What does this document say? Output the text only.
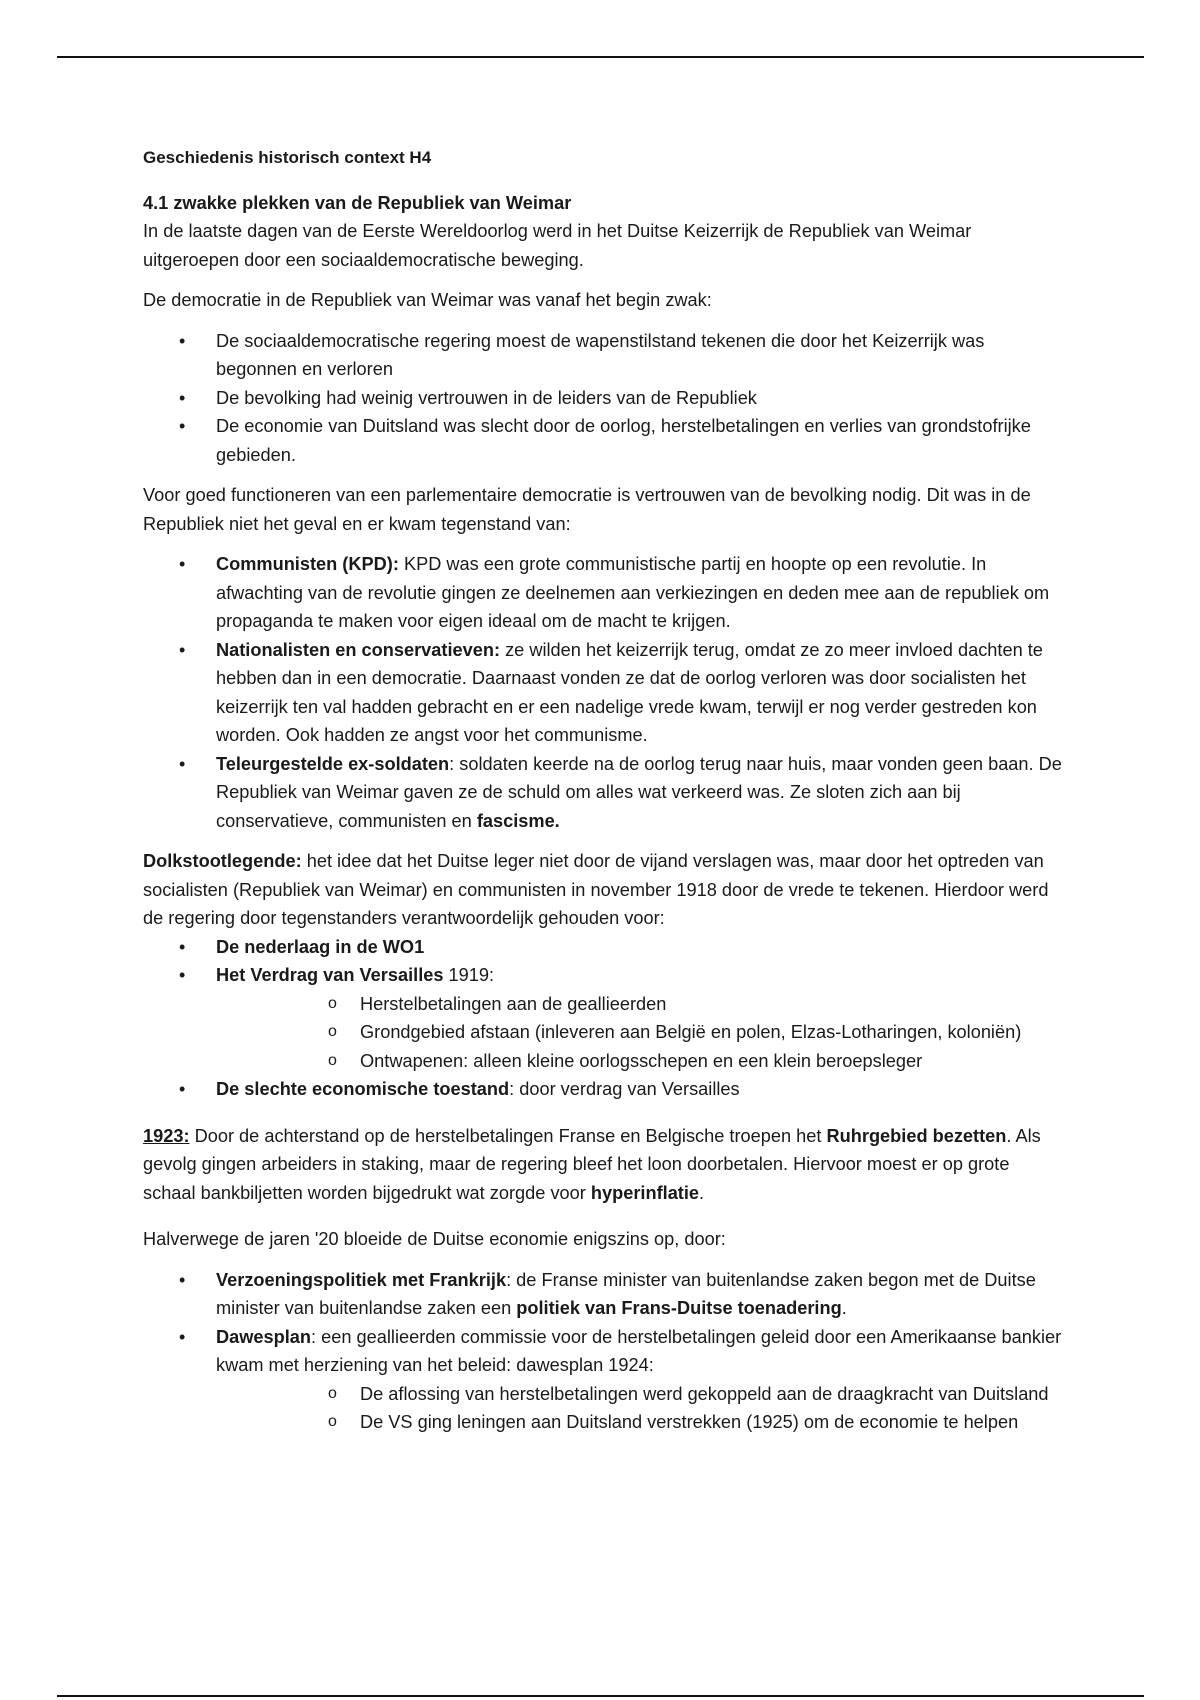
Geschiedenis historisch context H4

4.1 zwakke plekken van de Republiek van Weimar

In de laatste dagen van de Eerste Wereldoorlog werd in het Duitse Keizerrijk de Republiek van Weimar uitgeroepen door een sociaaldemocratische beweging.

De democratie in de Republiek van Weimar was vanaf het begin zwak:

• De sociaaldemocratische regering moest de wapenstilstand tekenen die door het Keizerrijk was begonnen en verloren
• De bevolking had weinig vertrouwen in de leiders van de Republiek
• De economie van Duitsland was slecht door de oorlog, herstelbetalingen en verlies van grondstofrijke gebieden.

Voor goed functioneren van een parlementaire democratie is vertrouwen van de bevolking nodig. Dit was in de Republiek niet het geval en er kwam tegenstand van:

• Communisten (KPD): KPD was een grote communistische partij en hoopte op een revolutie. In afwachting van de revolutie gingen ze deelnemen aan verkiezingen en deden mee aan de republiek om propaganda te maken voor eigen ideaal om de macht te krijgen.
• Nationalisten en conservatieven: ze wilden het keizerrijk terug, omdat ze zo meer invloed dachten te hebben dan in een democratie. Daarnaast vonden ze dat de oorlog verloren was door socialisten het keizerrijk ten val hadden gebracht en er een nadelige vrede kwam, terwijl er nog verder gestreden kon worden. Ook hadden ze angst voor het communisme.
• Teleurgestelde ex-soldaten: soldaten keerde na de oorlog terug naar huis, maar vonden geen baan. De Republiek van Weimar gaven ze de schuld om alles wat verkeerd was. Ze sloten zich aan bij conservatieve, communisten en fascisme.

Dolkstootlegende: het idee dat het Duitse leger niet door de vijand verslagen was, maar door het optreden van socialisten (Republiek van Weimar) en communisten in november 1918 door de vrede te tekenen. Hierdoor werd de regering door tegenstanders verantwoordelijk gehouden voor:

• De nederlaag in de WO1
• Het Verdrag van Versailles 1919:
o Herstelbetalingen aan de geallieerden
o Grondgebied afstaan (inleveren aan België en polen, Elzas-Lotharingen, koloniën)
o Ontwapenen: alleen kleine oorlogsschepen en een klein beroepsleger
• De slechte economische toestand: door verdrag van Versailles

1923: Door de achterstand op de herstelbetalingen Franse en Belgische troepen het Ruhrgebied bezetten. Als gevolg gingen arbeiders in staking, maar de regering bleef het loon doorbetalen. Hiervoor moest er op grote schaal bankbiljetten worden bijgedrukt wat zorgde voor hyperinflatie.

Halverwege de jaren '20 bloeide de Duitse economie enigszins op, door:

• Verzoeningspolitiek met Frankrijk: de Franse minister van buitenlandse zaken begon met de Duitse minister van buitenlandse zaken een politiek van Frans-Duitse toenadering.
• Dawesplan: een geallieerden commissie voor de herstelbetalingen geleid door een Amerikaanse bankier kwam met herziening van het beleid: dawesplan 1924:
o De aflossing van herstelbetalingen werd gekoppeld aan de draagkracht van Duitsland
o De VS ging leningen aan Duitsland verstrekken (1925) om de economie te helpen
